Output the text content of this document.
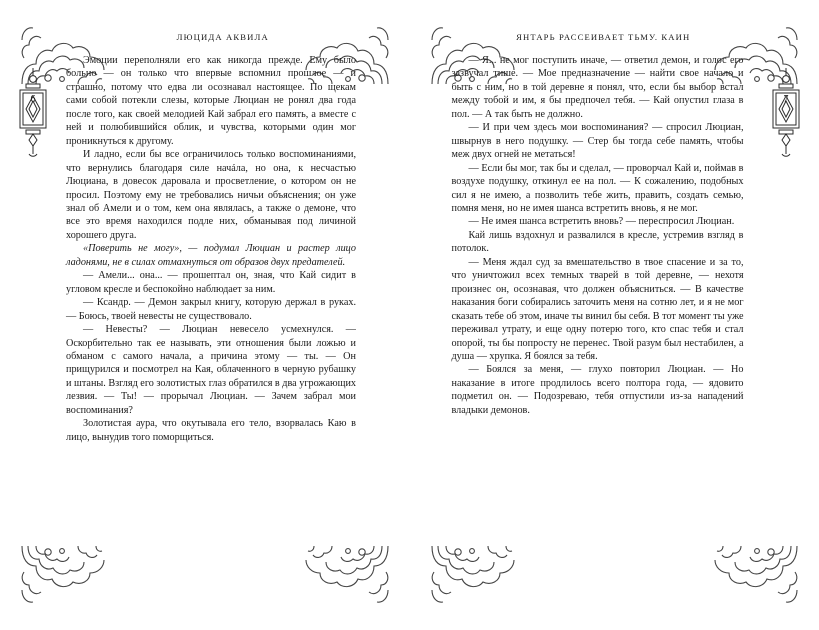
6
ЛЮЦИДА АКВИЛА

Эмоции переполняли его как никогда прежде. Ему было больно — он только что впервые вспомнил прошлое — и страшно, потому что едва ли осознавал настоящее. По щекам сами собой потекли слезы, которые Люциан не ронял два года после того, как своей мелодией Кай забрал его память, а вместе с ней и полюбившийся облик, и чувства, которыми один мог проникнуться к другому.

И ладно, если бы все ограничилось только воспоминаниями, что вернулись благодаря силе начáла, но она, к несчастью Люциана, в довесок даровала и просветление, о котором он не просил. Поэтому ему не требовались ничьи объяснения; он уже знал об Амели и о том, кем она являлась, а также о демоне, что все это время находился подле них, обманывая под личиной хорошего друга.

«Поверить не могу», — подумал Люциан и растер лицо ладонями, не в силах отмахнуться от образов двух предателей.

— Амели... она... — прошептал он, зная, что Кай сидит в угловом кресле и беспокойно наблюдает за ним.

— Ксандр. — Демон закрыл книгу, которую держал в руках. — Боюсь, твоей невесты не существовало.

— Невесты? — Люциан невесело усмехнулся. — Оскорбительно так ее называть, эти отношения были ложью и обманом с самого начала, а причина этому — ты. — Он прищурился и посмотрел на Кая, облаченного в черную рубашку и штаны. Взгляд его золотистых глаз обратился в два угрожающих лезвия. — Ты! — прорычал Люциан. — Зачем забрал мои воспоминания?

Золотистая аура, что окутывала его тело, взорвалась Каю в лицо, вынудив того поморщиться.

7
ЯНТАРЬ РАССЕИВАЕТ ТЬМУ. КАИН

— Я... не мог поступить иначе, — ответил демон, и голос его зазвучал тише. — Мое предназначение — найти свое начало и быть с ним, но в той деревне я понял, что, если бы выбор встал между тобой и им, я бы предпочел тебя. — Кай опустил глаза в пол. — А так быть не должно.

— И при чем здесь мои воспоминания? — спросил Люциан, швырнув в него подушку. — Стер бы тогда себе память, чтобы меж двух огней не метаться!

— Если бы мог, так бы и сделал, — проворчал Кай и, поймав в воздухе подушку, откинул ее на пол. — К сожалению, подобных сил я не имею, а позволить тебе жить, править, создать семью, помня меня, но не имея шанса встретить вновь, я не мог.

— Не имея шанса встретить вновь? — переспросил Люциан.

Кай лишь вздохнул и развалился в кресле, устремив взгляд в потолок.

— Меня ждал суд за вмешательство в твое спасение и за то, что уничтожил всех темных тварей в той деревне, — нехотя произнес он, осознавая, что должен объясниться. — В качестве наказания боги собирались заточить меня на сотню лет, и я не мог сказать тебе об этом, иначе ты винил бы себя. В тот момент ты уже переживал утрату, и еще одну потерю того, кто спас тебя и стал опорой, ты бы попросту не перенес. Твой разум был нестабилен, а душа — хрупка. Я боялся за тебя.

— Боялся за меня, — глухо повторил Люциан. — Но наказание в итоге продлилось всего полтора года, — ядовито подметил он. — Подозреваю, тебя отпустили из-за нападений владыки демонов.
